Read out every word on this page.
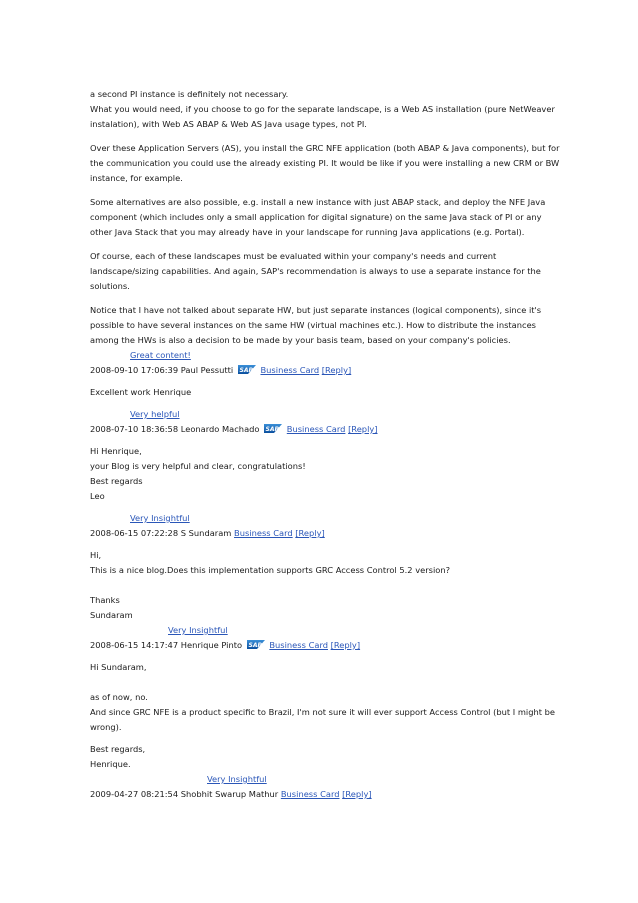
a second PI instance is definitely not necessary.
What you would need, if you choose to go for the separate landscape, is a Web AS installation (pure NetWeaver instalation), with Web AS ABAP & Web AS Java usage types, not PI.

Over these Application Servers (AS), you install the GRC NFE application (both ABAP & Java components), but for the communication you could use the already existing PI. It would be like if you were installing a new CRM or BW instance, for example.

Some alternatives are also possible, e.g. install a new instance with just ABAP stack, and deploy the NFE Java component (which includes only a small application for digital signature) on the same Java stack of PI or any other Java Stack that you may already have in your landscape for running Java applications (e.g. Portal).

Of course, each of these landscapes must be evaluated within your company's needs and current landscape/sizing capabilities. And again, SAP's recommendation is always to use a separate instance for the solutions.

Notice that I have not talked about separate HW, but just separate instances (logical components), since it's possible to have several instances on the same HW (virtual machines etc.). How to distribute the instances among the HWs is also a decision to be made by your basis team, based on your company's policies.

Great content!
2008-09-10 17:06:39 Paul Pessutti SAP Business Card [Reply]

Excellent work Henrique

Very helpful
2008-07-10 18:36:58 Leonardo Machado SAP Business Card [Reply]

Hi Henrique,
your Blog is very helpful and clear, congratulations!
Best regards
Leo

Very Insightful
2008-06-15 07:22:28 S Sundaram Business Card [Reply]

Hi,
This is a nice blog.Does this implementation supports GRC Access Control 5.2 version?

Thanks
Sundaram

Very Insightful
2008-06-15 14:17:47 Henrique Pinto SAP Business Card [Reply]

Hi Sundaram,

as of now, no.
And since GRC NFE is a product specific to Brazil, I'm not sure it will ever support Access Control (but I might be wrong).

Best regards,
Henrique.

Very Insightful
2009-04-27 08:21:54 Shobhit Swarup Mathur Business Card [Reply]
